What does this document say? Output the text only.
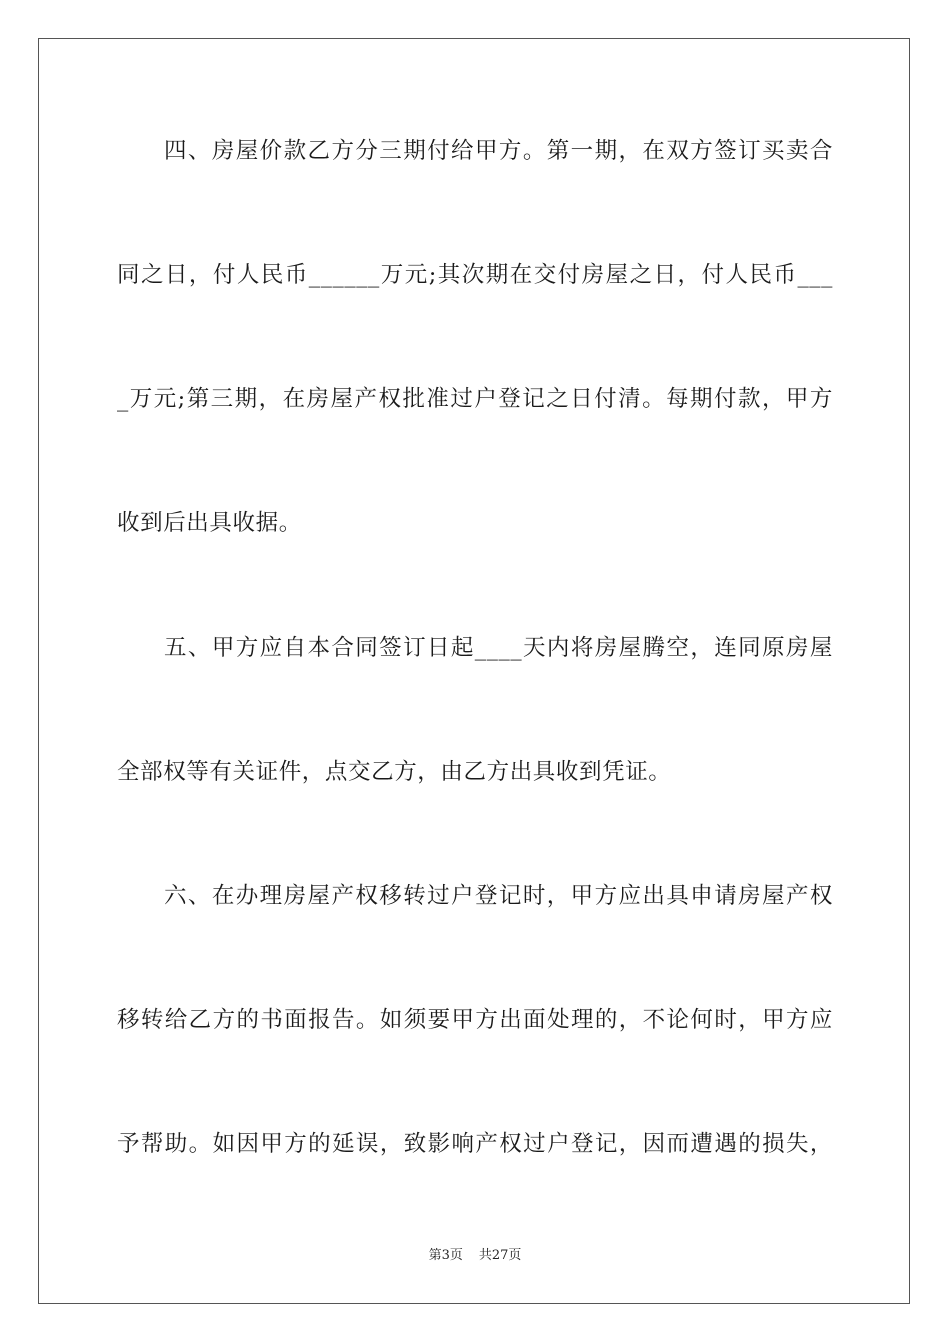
四、房屋价款乙方分三期付给甲方。第一期，在双方签订买卖合
同之日，付人民币______万元;其次期在交付房屋之日，付人民币___
_万元;第三期，在房屋产权批准过户登记之日付清。每期付款，甲方
收到后出具收据。
五、甲方应自本合同签订日起____天内将房屋腾空，连同原房屋
全部权等有关证件，点交乙方，由乙方出具收到凭证。
六、在办理房屋产权移转过户登记时，甲方应出具申请房屋产权
移转给乙方的书面报告。如须要甲方出面处理的，不论何时，甲方应
予帮助。如因甲方的延误，致影响产权过户登记，因而遭遇的损失，
第3页 共27页
